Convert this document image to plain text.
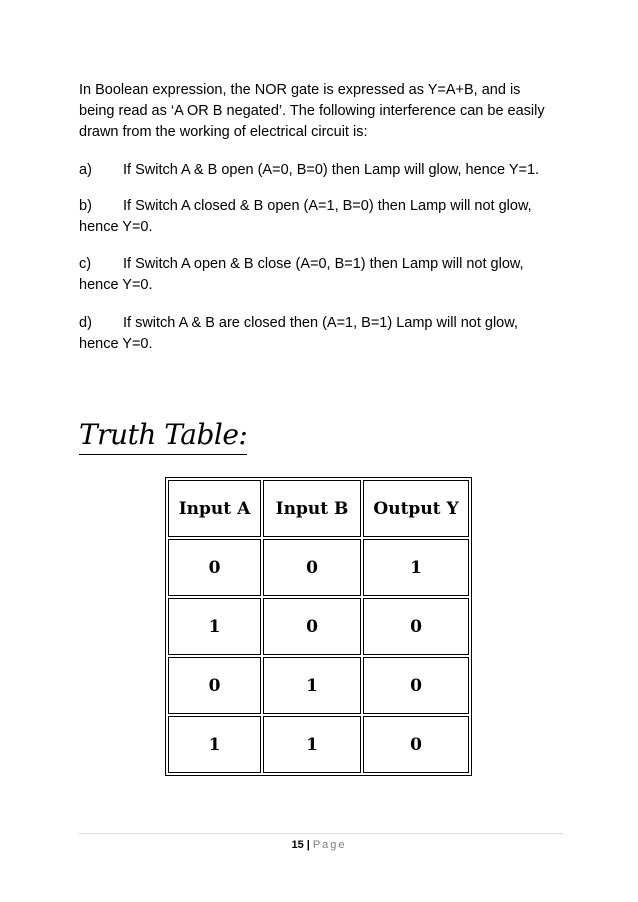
In Boolean expression, the NOR gate is expressed as Y=A+B, and is being read as ‘A OR B negated’. The following interference can be easily drawn from the working of electrical circuit is:

a) If Switch A & B open (A=0, B=0) then Lamp will glow, hence Y=1.
b) If Switch A closed & B open (A=1, B=0) then Lamp will not glow, hence Y=0.
c) If Switch A open & B close (A=0, B=1) then Lamp will not glow, hence Y=0.
d) If switch A & B are closed then (A=1, B=1) Lamp will not glow, hence Y=0.
Truth Table:
Input A	Input B	Output Y
0	0	1
1	0	0
0	1	0
1	1	0
15 | Page
